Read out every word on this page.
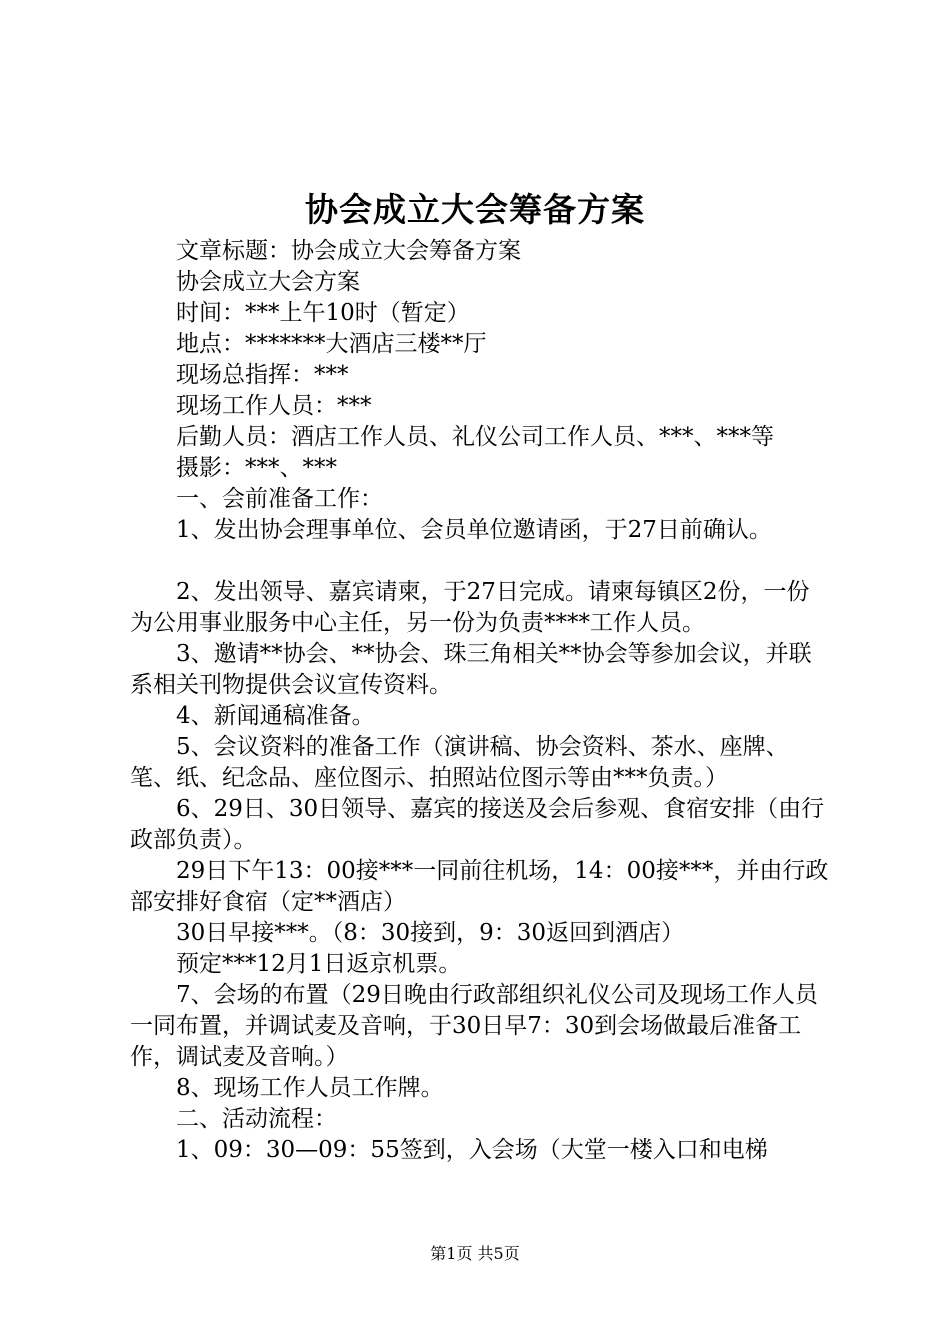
协会成立大会筹备方案

文章标题：协会成立大会筹备方案

协会成立大会方案

时间：***上午10时（暂定）

地点：*******大酒店三楼**厅

现场总指挥：***

现场工作人员：***

后勤人员：酒店工作人员、礼仪公司工作人员、***、***等

摄影：***、***

一、会前准备工作：

1、发出协会理事单位、会员单位邀请函，于27日前确认。

2、发出领导、嘉宾请柬，于27日完成。请柬每镇区2份，一份为公用事业服务中心主任，另一份为负责****工作人员。

3、邀请**协会、**协会、珠三角相关**协会等参加会议，并联系相关刊物提供会议宣传资料。

4、新闻通稿准备。

5、会议资料的准备工作（演讲稿、协会资料、茶水、座牌、笔、纸、纪念品、座位图示、拍照站位图示等由***负责。）

6、29日、30日领导、嘉宾的接送及会后参观、食宿安排（由行政部负责）。

29日下午13：00接***一同前往机场，14：00接***，并由行政部安排好食宿（定**酒店）

30日早接***。（8：30接到，9：30返回到酒店）

预定***12月1日返京机票。

7、会场的布置（29日晚由行政部组织礼仪公司及现场工作人员一同布置，并调试麦及音响，于30日早7：30到会场做最后准备工作，调试麦及音响。）

8、现场工作人员工作牌。

二、活动流程：

1、09：30—09：55签到，入会场（大堂一楼入口和电梯

第1页 共5页
